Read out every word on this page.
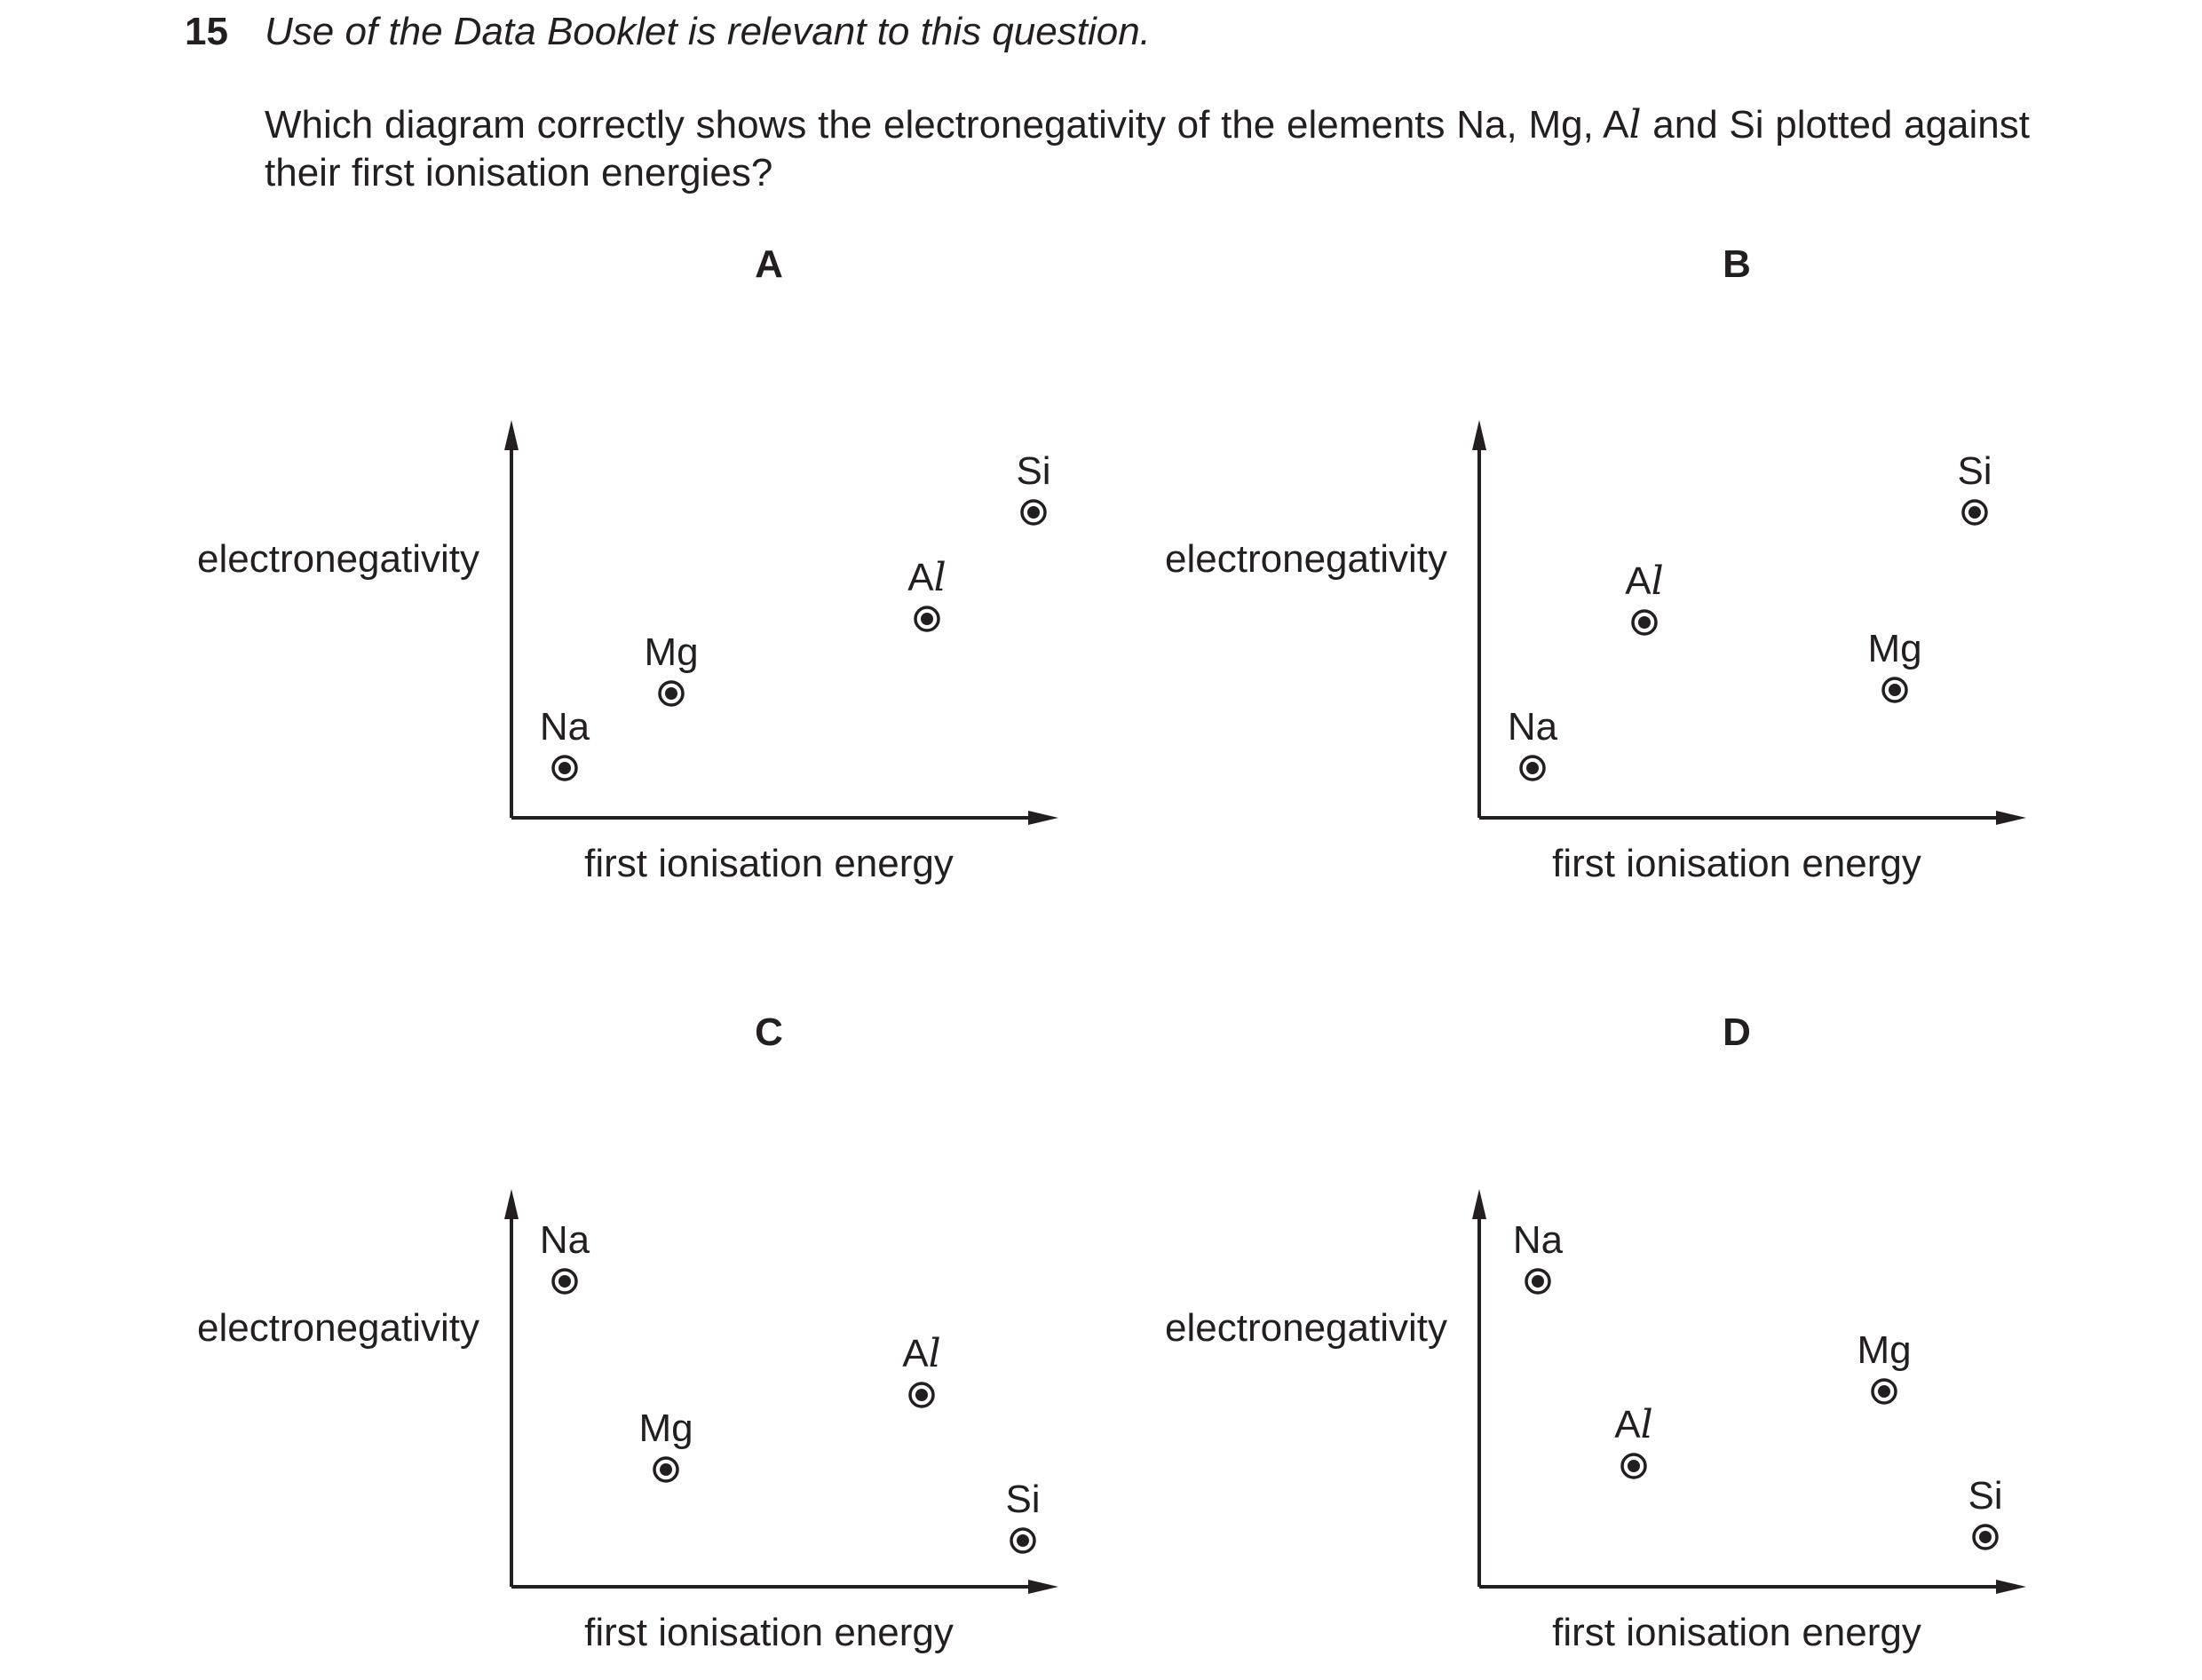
15 Use of the Data Booklet is relevant to this question.
Which diagram correctly shows the electronegativity of the elements Na, Mg, Al and Si plotted against their first ionisation energies?
A
electronegativity
first ionisation energy
Na
Mg
Al
Si
B
electronegativity
first ionisation energy
Na
Mg
Al
Si
C
electronegativity
first ionisation energy
Na
Mg
Al
Si
D
electronegativity
first ionisation energy
Na
Mg
Al
Si
